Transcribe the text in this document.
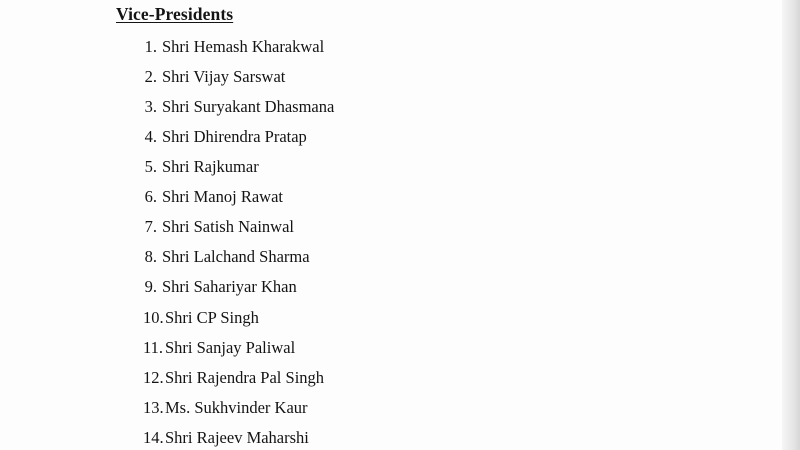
Vice-Presidents
1. Shri Hemash Kharakwal
2. Shri Vijay Sarswat
3. Shri Suryakant Dhasmana
4. Shri Dhirendra Pratap
5. Shri Rajkumar
6. Shri Manoj Rawat
7. Shri Satish Nainwal
8. Shri Lalchand Sharma
9. Shri Sahariyar Khan
10. Shri CP Singh
11. Shri Sanjay Paliwal
12. Shri Rajendra Pal Singh
13. Ms. Sukhvinder Kaur
14. Shri Rajeev Maharshi
